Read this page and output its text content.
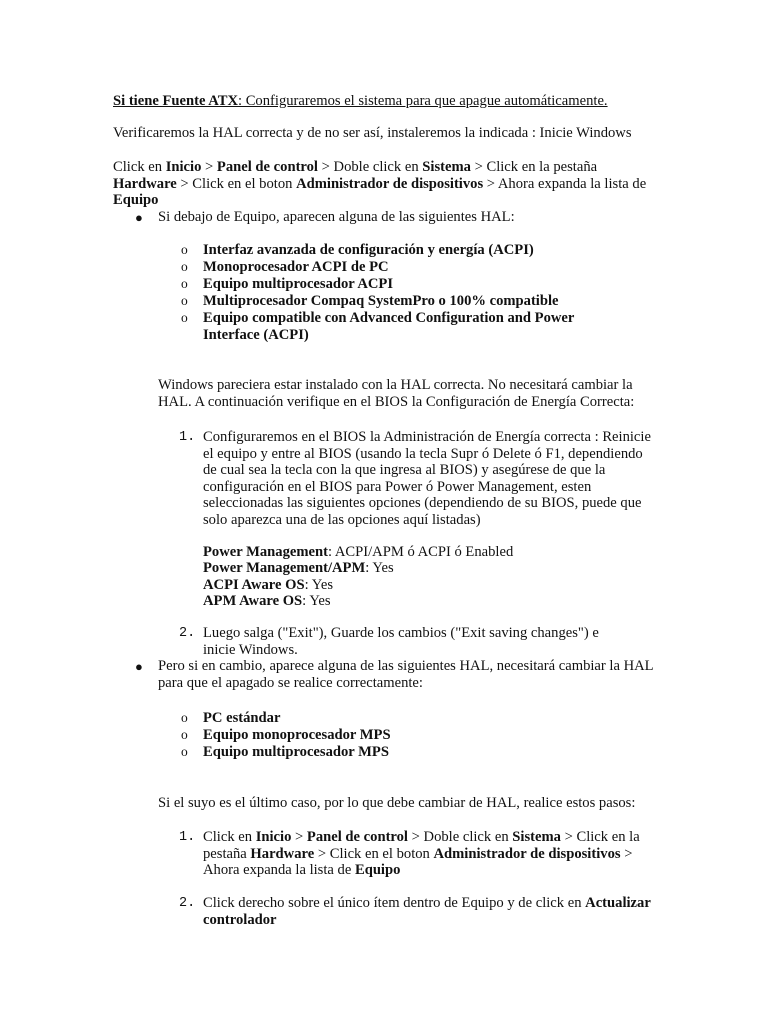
Si tiene Fuente ATX: Configuraremos el sistema para que apague automáticamente.

Verificaremos la HAL correcta y de no ser así, instaleremos la indicada : Inicie Windows

Click en Inicio > Panel de control > Doble click en Sistema > Click en la pestaña Hardware > Click en el boton Administrador de dispositivos > Ahora expanda la lista de Equipo

● Si debajo de Equipo, aparecen alguna de las siguientes HAL:

o Interfaz avanzada de configuración y energía (ACPI)

o Monoprocesador ACPI de PC

o Equipo multiprocesador ACPI

o Multiprocesador Compaq SystemPro o 100% compatible

o Equipo compatible con Advanced Configuration and Power Interface (ACPI)

Windows pareciera estar instalado con la HAL correcta. No necesitará cambiar la HAL. A continuación verifique en el BIOS la Configuración de Energía Correcta:

1. Configuraremos en el BIOS la Administración de Energía correcta : Reinicie el equipo y entre al BIOS (usando la tecla Supr ó Delete ó F1, dependiendo de cual sea la tecla con la que ingresa al BIOS) y asegúrese de que la configuración en el BIOS para Power ó Power Management, esten seleccionadas las siguientes opciones (dependiendo de su BIOS, puede que solo aparezca una de las opciones aquí listadas)

Power Management: ACPI/APM ó ACPI ó Enabled

Power Management/APM: Yes

ACPI Aware OS: Yes

APM Aware OS: Yes

2. Luego salga ("Exit"), Guarde los cambios ("Exit saving changes") e inicie Windows.

● Pero si en cambio, aparece alguna de las siguientes HAL, necesitará cambiar la HAL para que el apagado se realice correctamente:

o PC estándar

o Equipo monoprocesador MPS

o Equipo multiprocesador MPS

Si el suyo es el último caso, por lo que debe cambiar de HAL, realice estos pasos:

1. Click en Inicio > Panel de control > Doble click en Sistema > Click en la pestaña Hardware > Click en el boton Administrador de dispositivos > Ahora expanda la lista de Equipo

2. Click derecho sobre el único ítem dentro de Equipo y de click en Actualizar controlador
